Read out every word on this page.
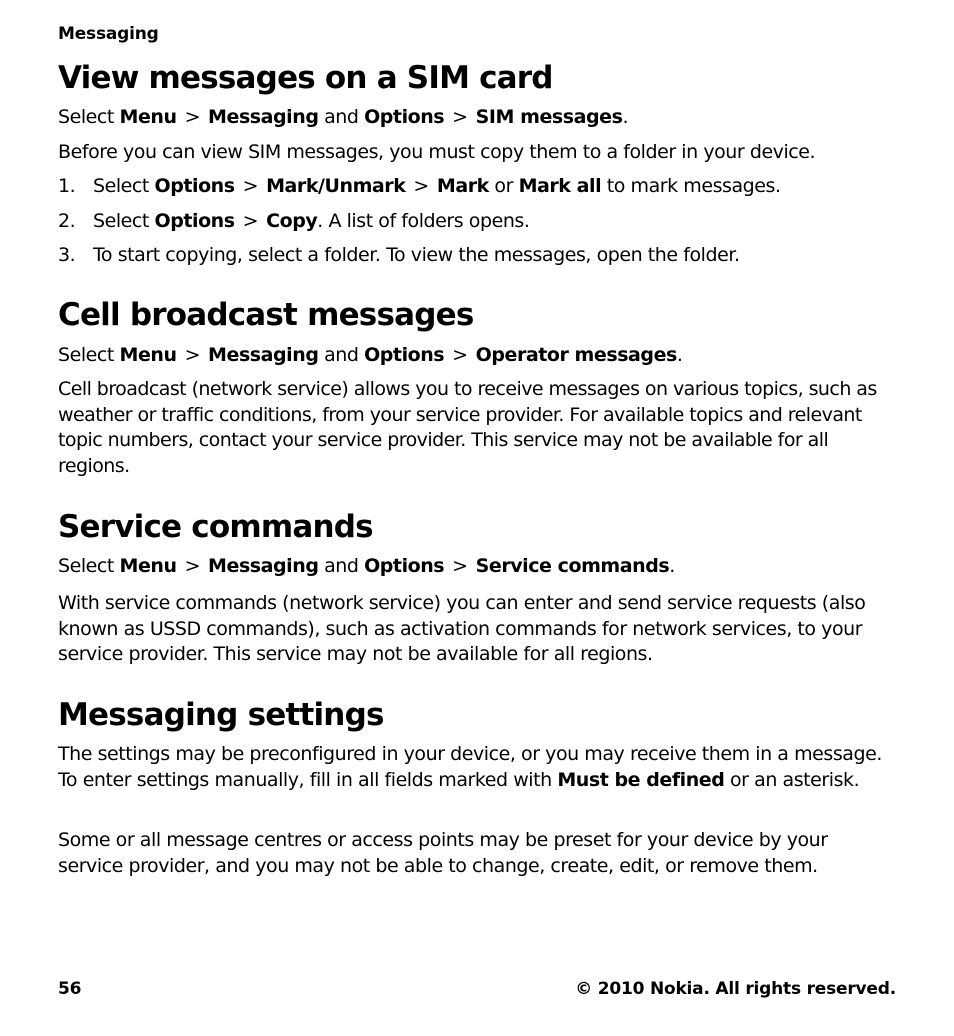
Messaging
View messages on a SIM card

Select Menu > Messaging and Options > SIM messages.

Before you can view SIM messages, you must copy them to a folder in your device.

1. Select Options > Mark/Unmark > Mark or Mark all to mark messages.
2. Select Options > Copy. A list of folders opens.
3. To start copying, select a folder. To view the messages, open the folder.
Cell broadcast messages

Select Menu > Messaging and Options > Operator messages.

Cell broadcast (network service) allows you to receive messages on various topics, such as weather or traffic conditions, from your service provider. For available topics and relevant topic numbers, contact your service provider. This service may not be available for all regions.

Service commands

Select Menu > Messaging and Options > Service commands.

With service commands (network service) you can enter and send service requests (also known as USSD commands), such as activation commands for network services, to your service provider. This service may not be available for all regions.

Messaging settings

The settings may be preconfigured in your device, or you may receive them in a message. To enter settings manually, fill in all fields marked with Must be defined or an asterisk.

Some or all message centres or access points may be preset for your device by your service provider, and you may not be able to change, create, edit, or remove them.

56	© 2010 Nokia. All rights reserved.
